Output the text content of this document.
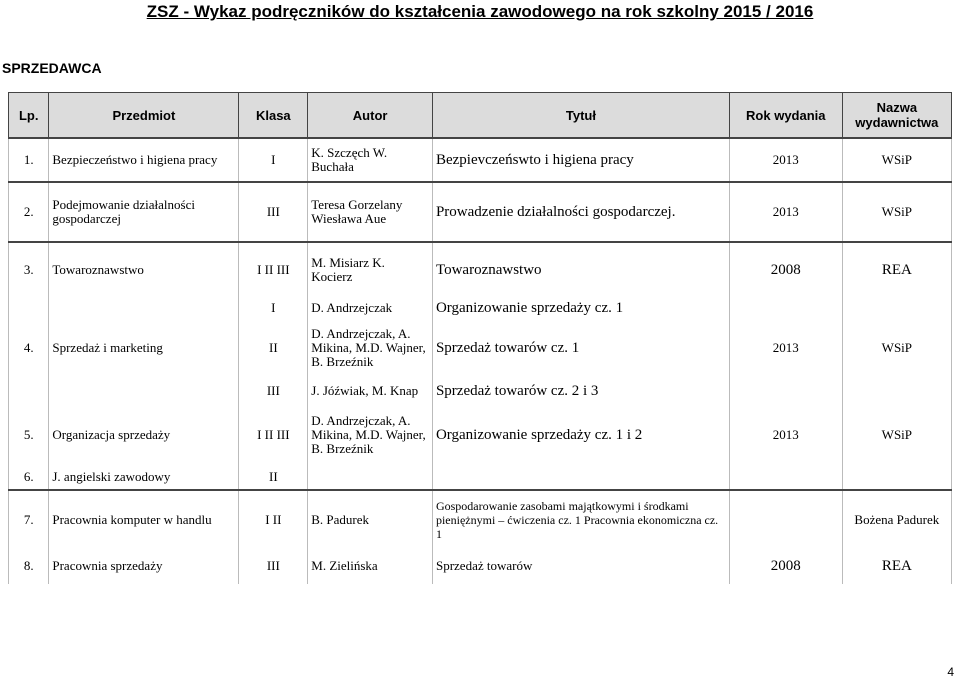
ZSZ - Wykaz podręczników do kształcenia zawodowego na rok szkolny 2015 / 2016
SPRZEDAWCA
Lp.	Przedmiot	Klasa	Autor	Tytuł	Rok wydania	Nazwa wydawnictwa
1.	Bezpieczeństwo i higiena pracy	I	K. Szczęch W. Buchała	Bezpievczeńswto i higiena pracy	2013	WSiP
2.	Podejmowanie działalności gospodarczej	III	Teresa Gorzelany Wiesława Aue	Prowadzenie działalności gospodarczej.	2013	WSiP
3.	Towaroznawstwo	I II III	M. Misiarz K. Kocierz	Towaroznawstwo	2008	REA
		I	D. Andrzejczak	Organizowanie sprzedaży cz. 1		
4.	Sprzedaż i marketing	II	D. Andrzejczak, A. Mikina, M.D. Wajner, B. Brzeźnik	Sprzedaż towarów cz. 1	2013	WSiP
		III	J. Jóźwiak, M. Knap	Sprzedaż towarów cz. 2 i 3		
5.	Organizacja sprzedaży	I II III	D. Andrzejczak, A. Mikina, M.D. Wajner, B. Brzeźnik	Organizowanie sprzedaży cz. 1 i 2	2013	WSiP
6.	J. angielski zawodowy	II				
7.	Pracownia komputer w handlu	I II	B. Padurek	Gospodarowanie zasobami majątkowymi i środkami pieniężnymi – ćwiczenia cz. 1 Pracownia ekonomiczna cz. 1		Bożena Padurek
8.	Pracownia sprzedaży	III	M. Zielińska	Sprzedaż towarów	2008	REA
4
